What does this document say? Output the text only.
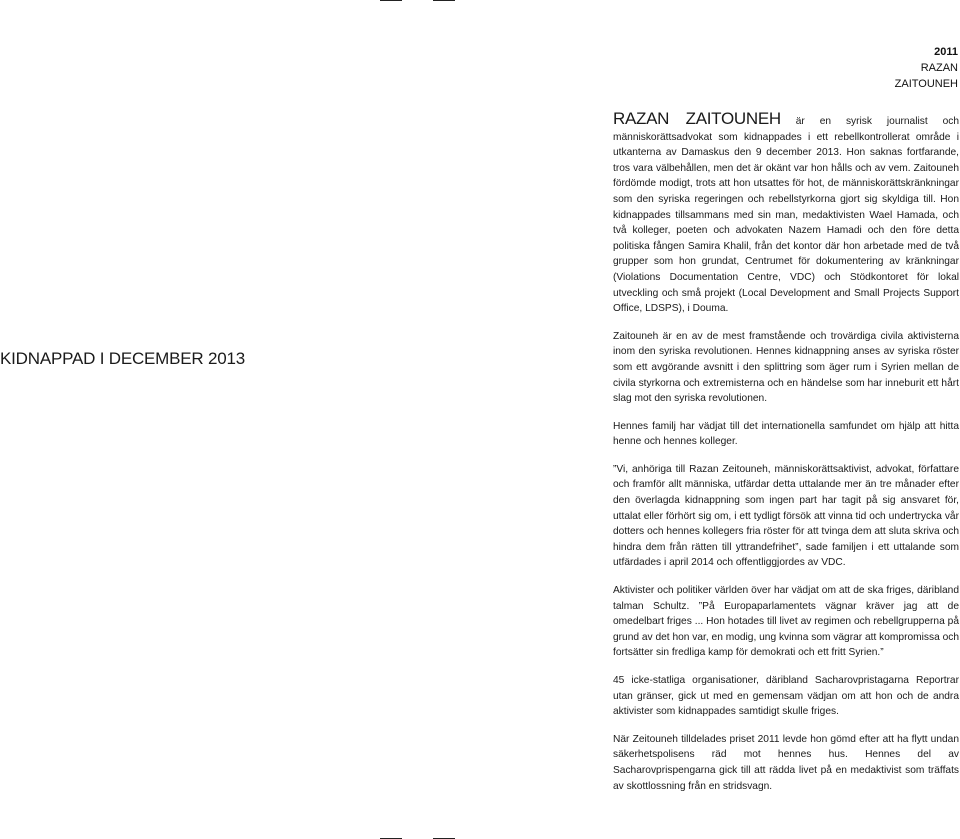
2011
RAZAN
ZAITOUNEH
KIDNAPPAD I DECEMBER 2013

RAZAN ZAITOUNEH är en syrisk journalist och människorättsadvokat som kidnappades i ett rebellkontrollerat område i utkanterna av Damaskus den 9 december 2013. Hon saknas fortfarande, tros vara välbehållen, men det är okänt var hon hålls och av vem. Zaitouneh fördömde modigt, trots att hon utsattes för hot, de människorättskränkningar som den syriska regeringen och rebellstyrkorna gjort sig skyldiga till. Hon kidnappades tillsammans med sin man, medaktivisten Wael Hamada, och två kolleger, poeten och advokaten Nazem Hamadi och den före detta politiska fången Samira Khalil, från det kontor där hon arbetade med de två grupper som hon grundat, Centrumet för dokumentering av kränkningar (Violations Documentation Centre, VDC) och Stödkontoret för lokal utveckling och små projekt (Local Development and Small Projects Support Office, LDSPS), i Douma.

Zaitouneh är en av de mest framstående och trovärdiga civila aktivisterna inom den syriska revolutionen. Hennes kidnappning anses av syriska röster som ett avgörande avsnitt i den splittring som äger rum i Syrien mellan de civila styrkorna och extremisterna och en händelse som har inneburit ett hårt slag mot den syriska revolutionen.

Hennes familj har vädjat till det internationella samfundet om hjälp att hitta henne och hennes kolleger.

”Vi, anhöriga till Razan Zeitouneh, människorättsaktivist, advokat, författare och framför allt människa, utfärdar detta uttalande mer än tre månader efter den överlagda kidnappning som ingen part har tagit på sig ansvaret för, uttalat eller förhört sig om, i ett tydligt försök att vinna tid och undertrycka vår dotters och hennes kollegers fria röster för att tvinga dem att sluta skriva och hindra dem från rätten till yttrandefrihet”, sade familjen i ett uttalande som utfärdades i april 2014 och offentliggjordes av VDC.

Aktivister och politiker världen över har vädjat om att de ska friges, däribland talman Schultz. ”På Europaparlamentets vägnar kräver jag att de omedelbart friges ... Hon hotades till livet av regimen och rebellgrupperna på grund av det hon var, en modig, ung kvinna som vägrar att kompromissa och fortsätter sin fredliga kamp för demokrati och ett fritt Syrien.”

45 icke-statliga organisationer, däribland Sacharovpristagarna Reportrar utan gränser, gick ut med en gemensam vädjan om att hon och de andra aktivister som kidnappades samtidigt skulle friges.

När Zeitouneh tilldelades priset 2011 levde hon gömd efter att ha flytt undan säkerhetspolisens räd mot hennes hus. Hennes del av Sacharovprispengarna gick till att rädda livet på en medaktivist som träffats av skottlossning från en stridsvagn.
